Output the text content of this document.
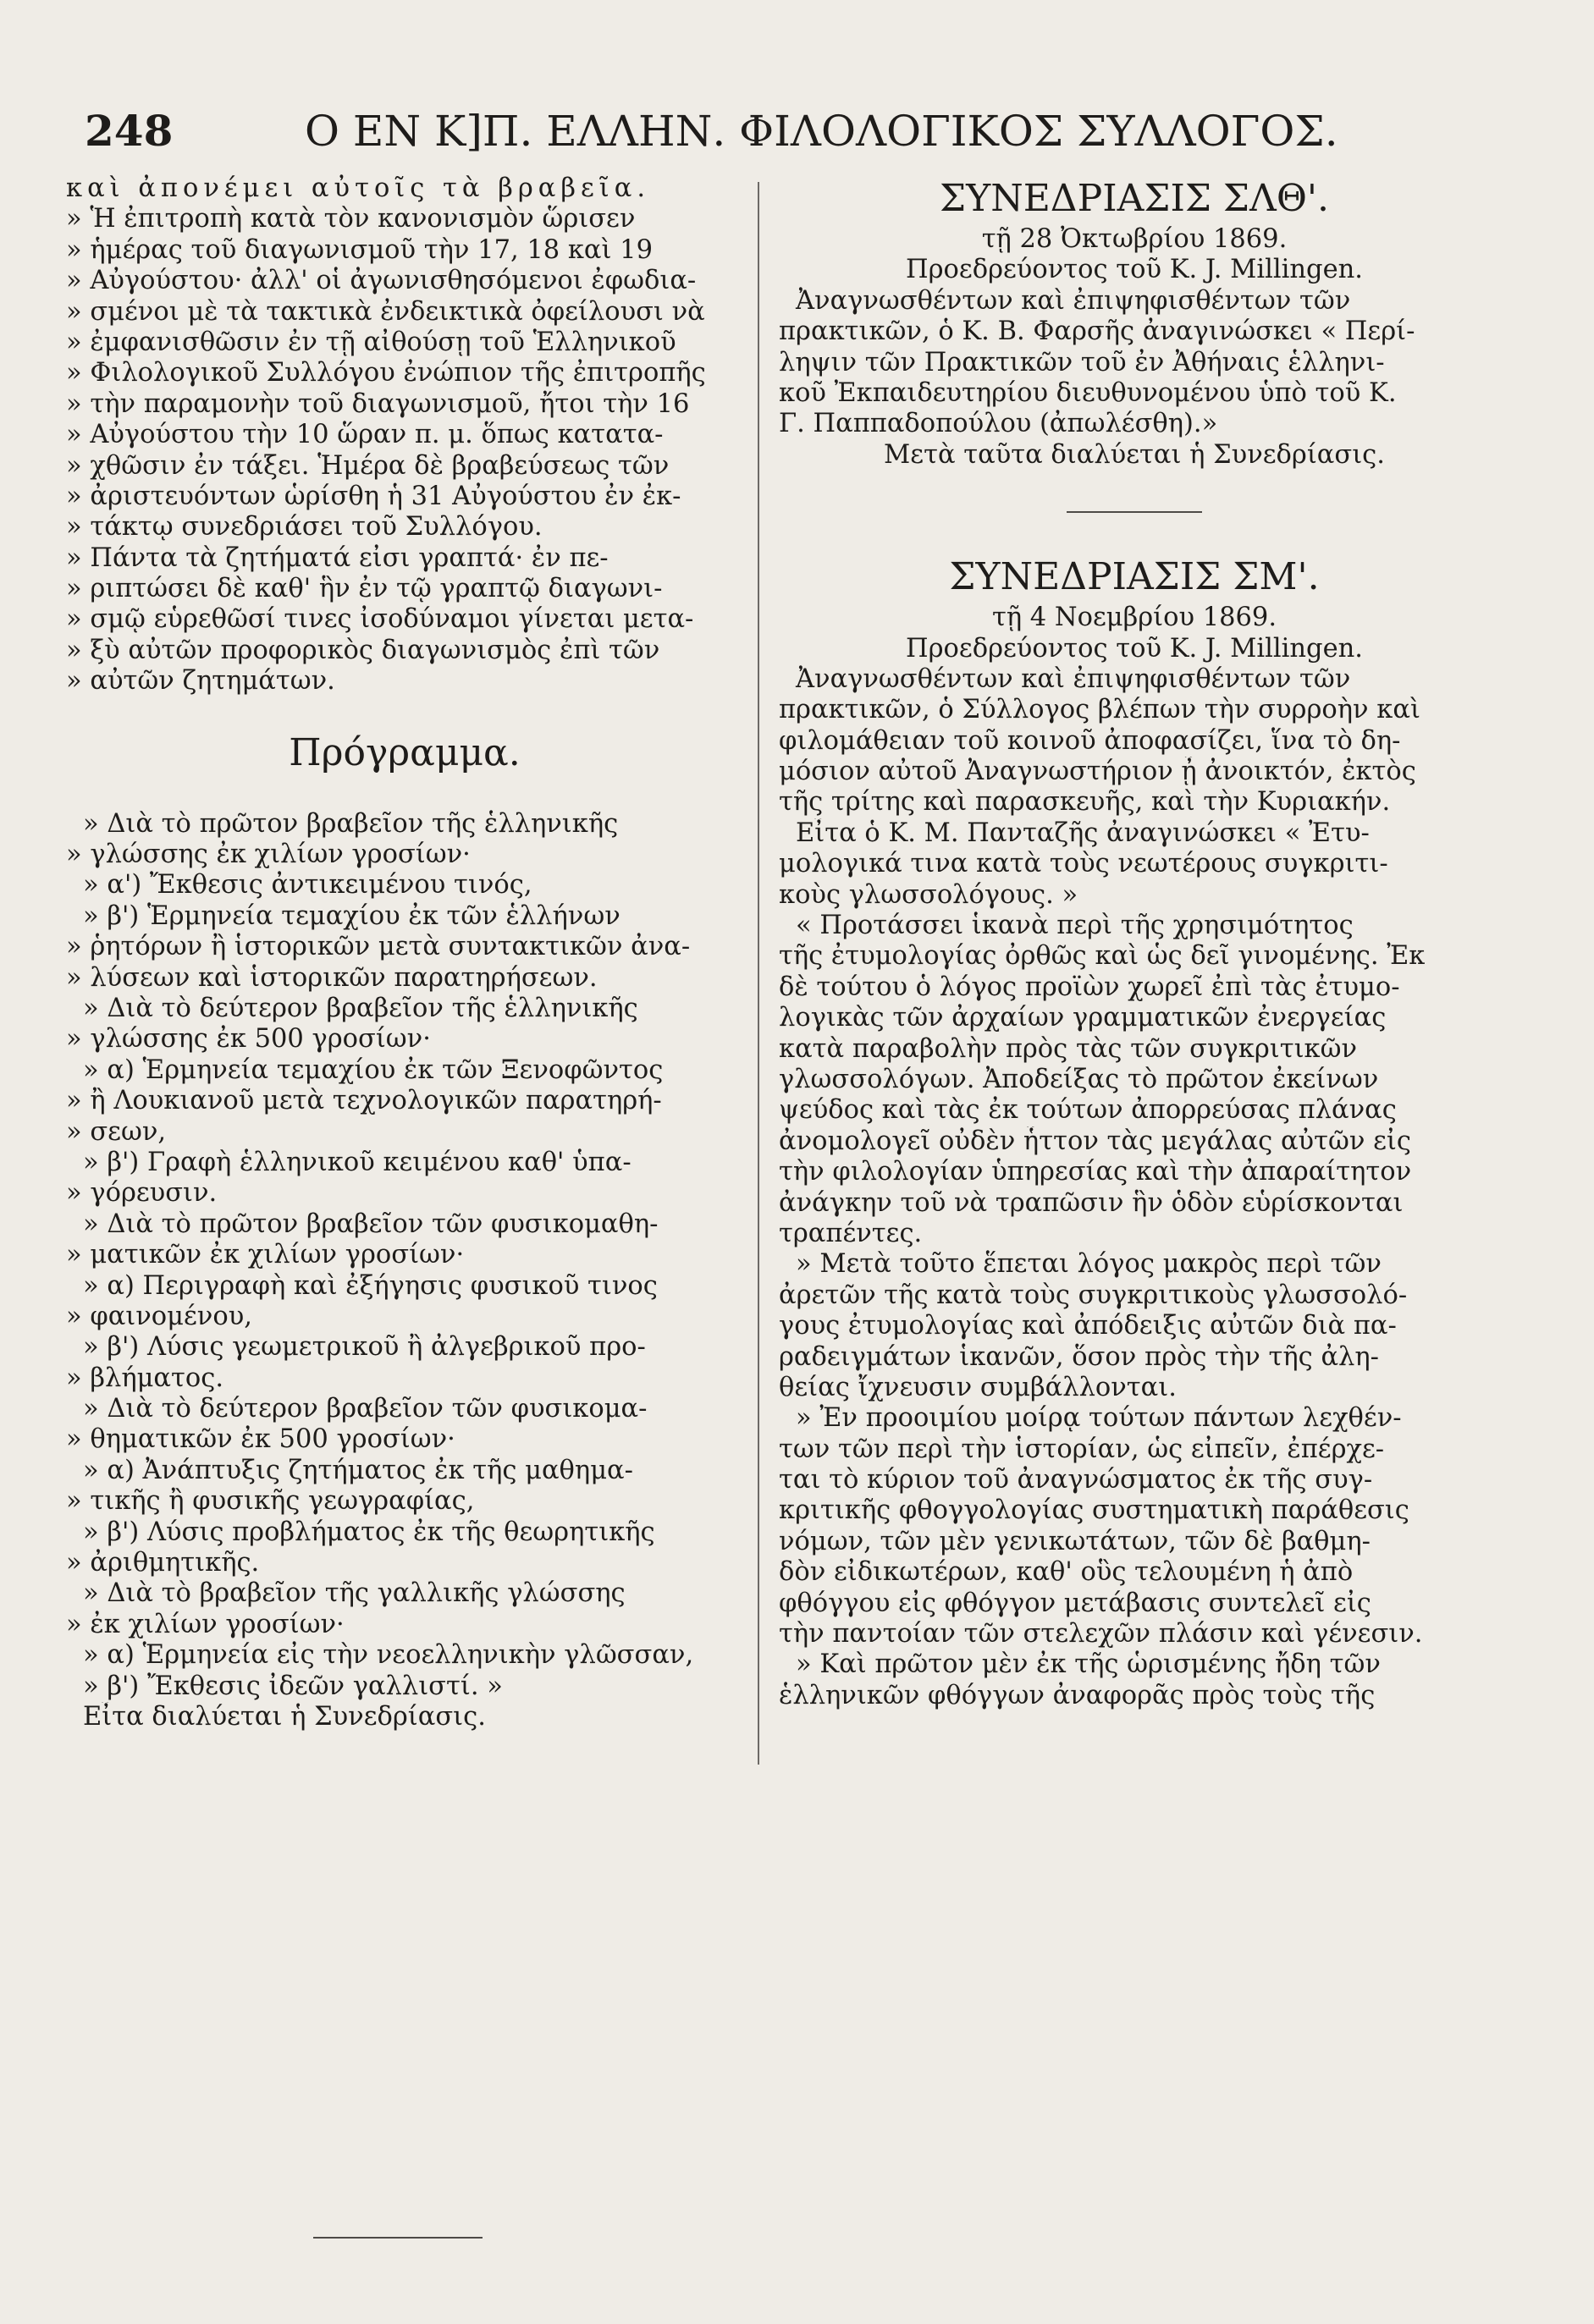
248	Ο ΕΝ Κ]Π. ΕΛΛΗΝ. ΦΙΛΟΛΟΓΙΚΟΣ ΣΥΛΛΟΓΟΣ.
καὶ ἀπονέμει αὐτοῖς τὰ βραβεῖα.
» Ἡ ἐπιτροπὴ κατὰ τὸν κανονισμὸν ὥρισεν
» ἡμέρας τοῦ διαγωνισμοῦ τὴν 17, 18 καὶ 19
» Αὐγούστου· ἀλλ' οἱ ἀγωνισθησόμενοι ἐφωδια-
» σμένοι μὲ τὰ τακτικὰ ἐνδεικτικὰ ὀφείλουσι νὰ
» ἐμφανισθῶσιν ἐν τῇ αἰθούσῃ τοῦ Ἑλληνικοῦ
» Φιλολογικοῦ Συλλόγου ἐνώπιον τῆς ἐπιτροπῆς
» τὴν παραμονὴν τοῦ διαγωνισμοῦ, ἤτοι τὴν 16
» Αὐγούστου τὴν 10 ὥραν π. μ. ὅπως κατατα-
» χθῶσιν ἐν τάξει. Ἡμέρα δὲ βραβεύσεως τῶν
» ἀριστευόντων ὡρίσθη ἡ 31 Αὐγούστου ἐν ἐκ-
» τάκτῳ συνεδριάσει τοῦ Συλλόγου.
» Πάντα τὰ ζητήματά εἰσι γραπτά· ἐν πε-
» ριπτώσει δὲ καθ' ἣν ἐν τῷ γραπτῷ διαγωνι-
» σμῷ εὑρεθῶσί τινες ἰσοδύναμοι γίνεται μετα-
» ξὺ αὐτῶν προφορικὸς διαγωνισμὸς ἐπὶ τῶν
» αὐτῶν ζητημάτων.
Πρόγραμμα.
» Διὰ τὸ πρῶτον βραβεῖον τῆς ἑλληνικῆς
» γλώσσης ἐκ χιλίων γροσίων·
» α') Ἔκθεσις ἀντικειμένου τινός,
» β') Ἑρμηνεία τεμαχίου ἐκ τῶν ἑλλήνων
» ῥητόρων ἢ ἱστορικῶν μετὰ συντακτικῶν ἀνα-
» λύσεων καὶ ἱστορικῶν παρατηρήσεων.
» Διὰ τὸ δεύτερον βραβεῖον τῆς ἑλληνικῆς
» γλώσσης ἐκ 500 γροσίων·
» α) Ἑρμηνεία τεμαχίου ἐκ τῶν Ξενοφῶντος
» ἢ Λουκιανοῦ μετὰ τεχνολογικῶν παρατηρή-
» σεων,
» β') Γραφὴ ἑλληνικοῦ κειμένου καθ' ὑπα-
» γόρευσιν.
» Διὰ τὸ πρῶτον βραβεῖον τῶν φυσικομαθη-
» ματικῶν ἐκ χιλίων γροσίων·
» α) Περιγραφὴ καὶ ἐξήγησις φυσικοῦ τινος
» φαινομένου,
» β') Λύσις γεωμετρικοῦ ἢ ἀλγεβρικοῦ προ-
» βλήματος.
» Διὰ τὸ δεύτερον βραβεῖον τῶν φυσικομα-
» θηματικῶν ἐκ 500 γροσίων·
» α) Ἀνάπτυξις ζητήματος ἐκ τῆς μαθημα-
» τικῆς ἢ φυσικῆς γεωγραφίας,
» β') Λύσις προβλήματος ἐκ τῆς θεωρητικῆς
» ἀριθμητικῆς.
» Διὰ τὸ βραβεῖον τῆς γαλλικῆς γλώσσης
» ἐκ χιλίων γροσίων·
» α) Ἑρμηνεία εἰς τὴν νεοελληνικὴν γλῶσσαν,
» β') Ἔκθεσις ἰδεῶν γαλλιστί. »
Εἶτα διαλύεται ἡ Συνεδρίασις.
ΣΥΝΕΔΡΙΑΣΙΣ ΣΛΘ'.
τῇ 28 Ὀκτωβρίου 1869.
Προεδρεύοντος τοῦ Κ. J. Millingen.
Ἀναγνωσθέντων καὶ ἐπιψηφισθέντων τῶν
πρακτικῶν, ὁ Κ. Β. Φαρσῆς ἀναγινώσκει « Περί-
ληψιν τῶν Πρακτικῶν τοῦ ἐν Ἀθήναις ἑλληνι-
κοῦ Ἐκπαιδευτηρίου διευθυνομένου ὑπὸ τοῦ Κ.
Γ. Παππαδοπούλου (ἀπωλέσθη).»
Μετὰ ταῦτα διαλύεται ἡ Συνεδρίασις.
ΣΥΝΕΔΡΙΑΣΙΣ ΣΜ'.
τῇ 4 Νοεμβρίου 1869.
Προεδρεύοντος τοῦ Κ. J. Millingen.
Ἀναγνωσθέντων καὶ ἐπιψηφισθέντων τῶν
πρακτικῶν, ὁ Σύλλογος βλέπων τὴν συρροὴν καὶ
φιλομάθειαν τοῦ κοινοῦ ἀποφασίζει, ἵνα τὸ δη-
μόσιον αὐτοῦ Ἀναγνωστήριον ᾖ ἀνοικτόν, ἐκτὸς
τῆς τρίτης καὶ παρασκευῆς, καὶ τὴν Κυριακήν.
Εἶτα ὁ Κ. Μ. Πανταζῆς ἀναγινώσκει « Ἐτυ-
μολογικά τινα κατὰ τοὺς νεωτέρους συγκριτι-
κοὺς γλωσσολόγους. »
« Προτάσσει ἱκανὰ περὶ τῆς χρησιμότητος
τῆς ἐτυμολογίας ὀρθῶς καὶ ὡς δεῖ γινομένης. Ἐκ
δὲ τούτου ὁ λόγος προϊὼν χωρεῖ ἐπὶ τὰς ἐτυμο-
λογικὰς τῶν ἀρχαίων γραμματικῶν ἐνεργείας
κατὰ παραβολὴν πρὸς τὰς τῶν συγκριτικῶν
γλωσσολόγων. Ἀποδείξας τὸ πρῶτον ἐκείνων
ψεύδος καὶ τὰς ἐκ τούτων ἀπορρεύσας πλάνας
ἀνομολογεῖ οὐδὲν ἧττον τὰς μεγάλας αὐτῶν εἰς
τὴν φιλολογίαν ὑπηρεσίας καὶ τὴν ἀπαραίτητον
ἀνάγκην τοῦ νὰ τραπῶσιν ἣν ὁδὸν εὑρίσκονται
τραπέντες.
» Μετὰ τοῦτο ἕπεται λόγος μακρὸς περὶ τῶν
ἀρετῶν τῆς κατὰ τοὺς συγκριτικοὺς γλωσσολό-
γους ἐτυμολογίας καὶ ἀπόδειξις αὐτῶν διὰ πα-
ραδειγμάτων ἱκανῶν, ὅσον πρὸς τὴν τῆς ἀλη-
θείας ἴχνευσιν συμβάλλονται.
» Ἐν προοιμίου μοίρᾳ τούτων πάντων λεχθέν-
των τῶν περὶ τὴν ἱστορίαν, ὡς εἰπεῖν, ἐπέρχε-
ται τὸ κύριον τοῦ ἀναγνώσματος ἐκ τῆς συγ-
κριτικῆς φθογγολογίας συστηματικὴ παράθεσις
νόμων, τῶν μὲν γενικωτάτων, τῶν δὲ βαθμη-
δὸν εἰδικωτέρων, καθ' οὓς τελουμένη ἡ ἀπὸ
φθόγγου εἰς φθόγγον μετάβασις συντελεῖ εἰς
τὴν παντοίαν τῶν στελεχῶν πλάσιν καὶ γένεσιν.
» Καὶ πρῶτον μὲν ἐκ τῆς ὡρισμένης ἤδη τῶν
ἑλληνικῶν φθόγγων ἀναφορᾶς πρὸς τοὺς τῆς
